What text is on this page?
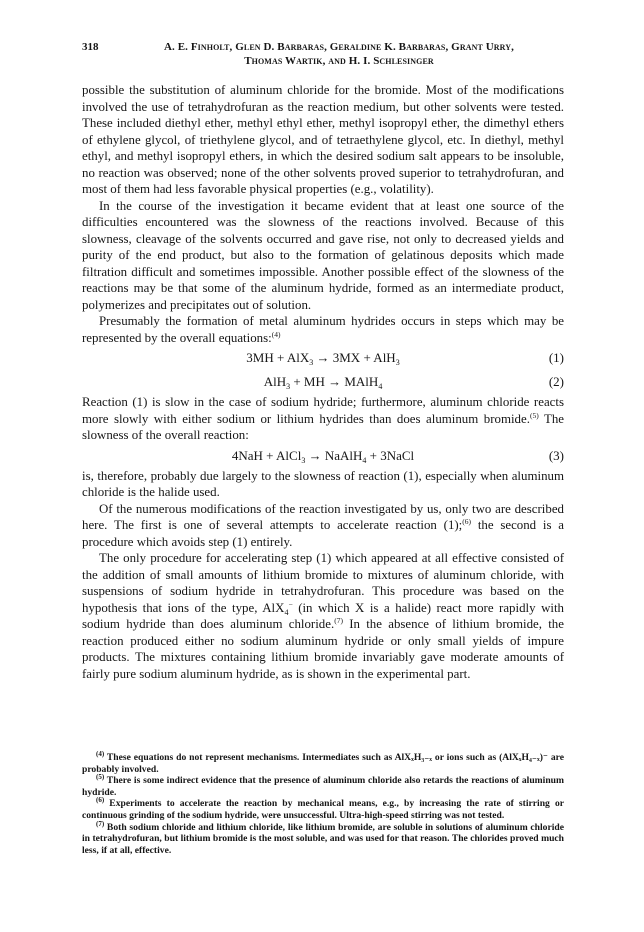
318	A. E. Finholt, Glen D. Barbaras, Geraldine K. Barbaras, Grant Urry,
Thomas Wartik, and H. I. Schlesinger

possible the substitution of aluminum chloride for the bromide. Most of the modifications involved the use of tetrahydrofuran as the reaction medium, but other solvents were tested. These included diethyl ether, methyl ethyl ether, methyl isopropyl ether, the dimethyl ethers of ethylene glycol, of triethylene glycol, and of tetraethylene glycol, etc. In diethyl, methyl ethyl, and methyl isopropyl ethers, in which the desired sodium salt appears to be insoluble, no reaction was observed; none of the other solvents proved superior to tetrahydrofuran, and most of them had less favorable physical properties (e.g., volatility).

In the course of the investigation it became evident that at least one source of the difficulties encountered was the slowness of the reactions involved. Because of this slowness, cleavage of the solvents occurred and gave rise, not only to decreased yields and purity of the end product, but also to the formation of gelatinous deposits which made filtration difficult and sometimes impossible. Another possible effect of the slowness of the reactions may be that some of the aluminum hydride, formed as an intermediate product, polymerizes and precipitates out of solution.

Presumably the formation of metal aluminum hydrides occurs in steps which may be represented by the overall equations:$^{(4)}$

3MH + AlX$_3$ → 3MX + AlH$_3$	(1)
AlH$_3$ + MH → MAlH$_4$	(2)

Reaction (1) is slow in the case of sodium hydride; furthermore, aluminum chloride reacts more slowly with either sodium or lithium hydrides than does aluminum bromide.$^{(5)}$ The slowness of the overall reaction:

4NaH + AlCl$_3$ → NaAlH$_4$ + 3NaCl	(3)

is, therefore, probably due largely to the slowness of reaction (1), especially when aluminum chloride is the halide used.

Of the numerous modifications of the reaction investigated by us, only two are described here. The first is one of several attempts to accelerate reaction (1);$^{(6)}$ the second is a procedure which avoids step (1) entirely.

The only procedure for accelerating step (1) which appeared at all effective consisted of the addition of small amounts of lithium bromide to mixtures of aluminum chloride, with suspensions of sodium hydride in tetrahydrofuran. This procedure was based on the hypothesis that ions of the type, AlX$_4$− (in which X is a halide) react more rapidly with sodium hydride than does aluminum chloride.$^{(7)}$ In the absence of lithium bromide, the reaction produced either no sodium aluminum hydride or only small yields of impure products. The mixtures containing lithium bromide invariably gave moderate amounts of fairly pure sodium aluminum hydride, as is shown in the experimental part.

$^{(4)}$ These equations do not represent mechanisms. Intermediates such as AlXₓH₃₋ₓ or ions such as (AlXₓH₄₋ₓ)⁻ are probably involved.

$^{(5)}$ There is some indirect evidence that the presence of aluminum chloride also retards the reactions of aluminum hydride.

$^{(6)}$ Experiments to accelerate the reaction by mechanical means, e.g., by increasing the rate of stirring or continuous grinding of the sodium hydride, were unsuccessful. Ultra-high-speed stirring was not tested.

$^{(7)}$ Both sodium chloride and lithium chloride, like lithium bromide, are soluble in solutions of aluminum chloride in tetrahydrofuran, but lithium bromide is the most soluble, and was used for that reason. The chlorides proved much less, if at all, effective.
